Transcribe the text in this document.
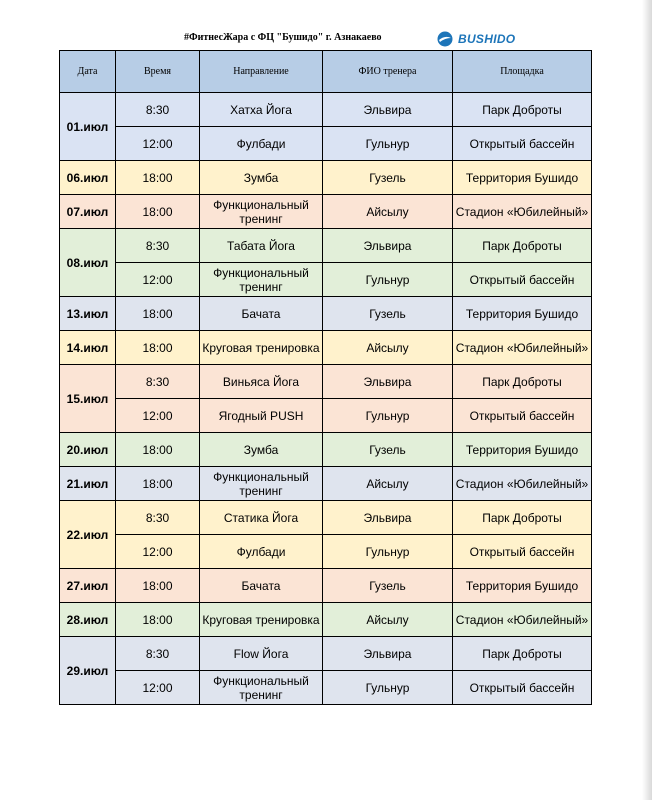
#ФитнесЖара с ФЦ "Бушидо" г. Азнакаево	BUSHIDO
Дата	Время	Направление	ФИО тренера	Площадка
01.июл	8:30	Хатха Йога	Эльвира	Парк Доброты
	12:00	Фулбади	Гульнур	Открытый бассейн
06.июл	18:00	Зумба	Гузель	Территория Бушидо
07.июл	18:00	Функциональный тренинг	Айсылу	Стадион «Юбилейный»
08.июл	8:30	Табата Йога	Эльвира	Парк Доброты
	12:00	Функциональный тренинг	Гульнур	Открытый бассейн
13.июл	18:00	Бачата	Гузель	Территория Бушидо
14.июл	18:00	Круговая тренировка	Айсылу	Стадион «Юбилейный»
15.июл	8:30	Виньяса Йога	Эльвира	Парк Доброты
	12:00	Ягодный PUSH	Гульнур	Открытый бассейн
20.июл	18:00	Зумба	Гузель	Территория Бушидо
21.июл	18:00	Функциональный тренинг	Айсылу	Стадион «Юбилейный»
22.июл	8:30	Статика Йога	Эльвира	Парк Доброты
	12:00	Фулбади	Гульнур	Открытый бассейн
27.июл	18:00	Бачата	Гузель	Территория Бушидо
28.июл	18:00	Круговая тренировка	Айсылу	Стадион «Юбилейный»
29.июл	8:30	Flow Йога	Эльвира	Парк Доброты
	12:00	Функциональный тренинг	Гульнур	Открытый бассейн
